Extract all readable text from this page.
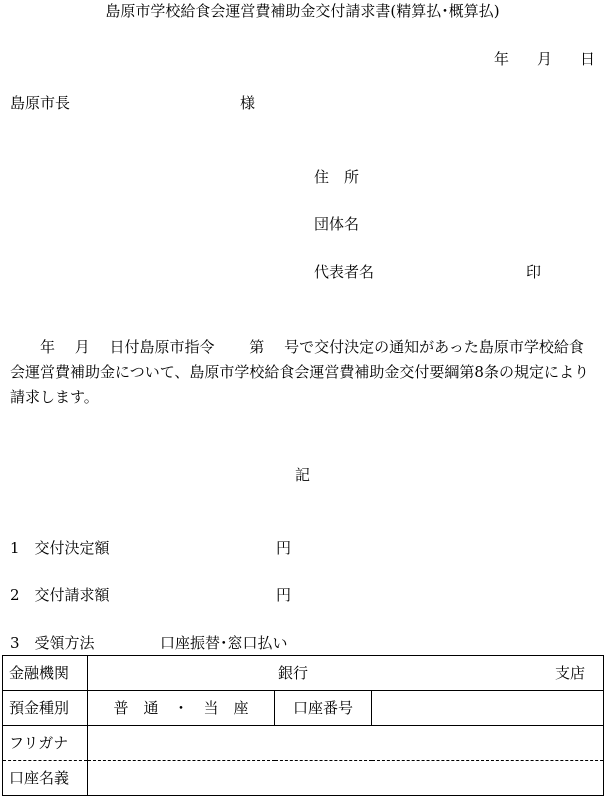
島原市学校給食会運営費補助金交付請求書(精算払･概算払)
年 月 日
島原市長	様
住　所
団体名
代表者名	印
　　年　 月　 日付島原市指令　　 第　 号で交付決定の通知があった島原市学校給食会運営費補助金について、島原市学校給食会運営費補助金交付要綱第8条の規定により請求します。
記
1　交付決定額	円
2　交付請求額	円
3　受領方法	口座振替･窓口払い
金融機関	銀行 支店		

預金種別	普　通　・　当　座	口座番号	
フリガナ			
口座名義			
